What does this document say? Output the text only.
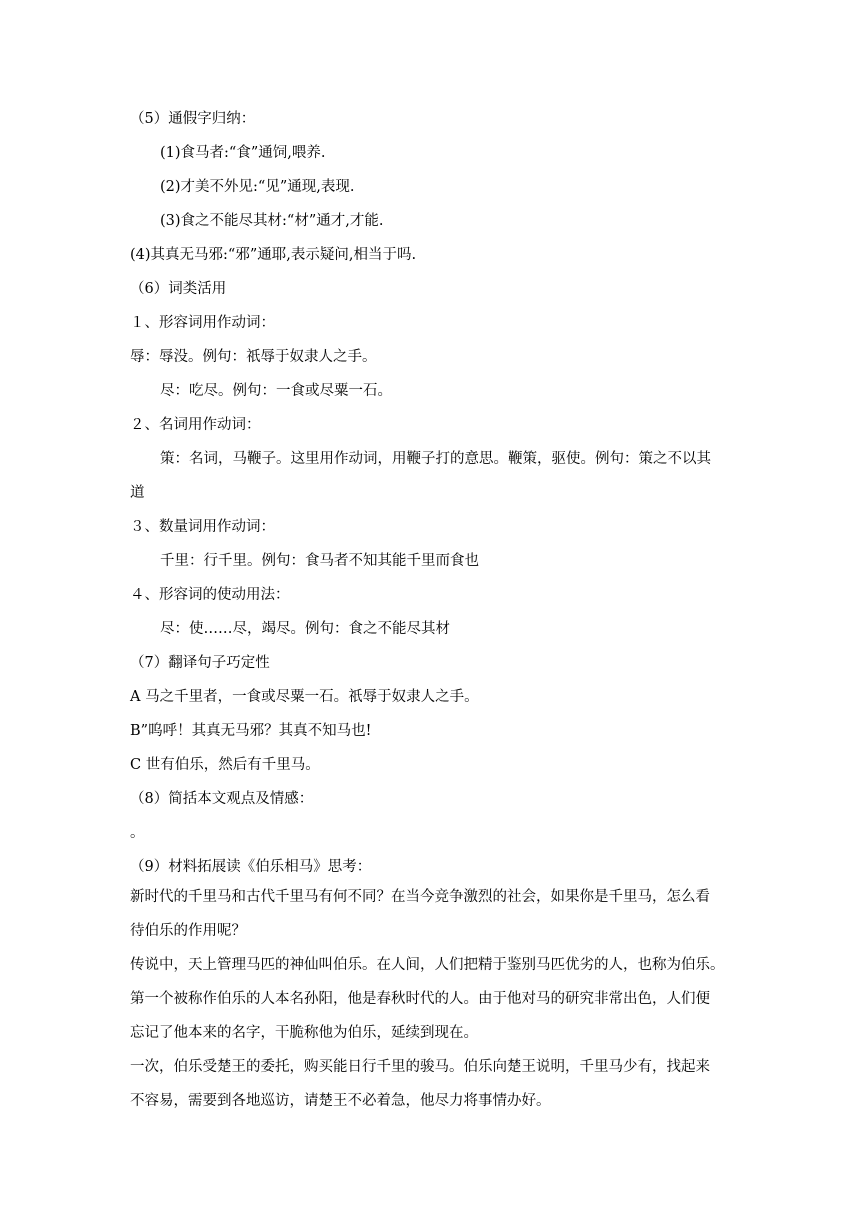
（5）通假字归纳：
(1)食马者:“食”通饲,喂养.
(2)才美不外见:“见”通现,表现.
(3)食之不能尽其材:“材”通才,才能.
(4)其真无马邪:“邪”通耶,表示疑问,相当于吗.
（6）词类活用
１、形容词用作动词：
辱：辱没。例句：祇辱于奴隶人之手。
尽：吃尽。例句：一食或尽粟一石。
２、名词用作动词：
策：名词，马鞭子。这里用作动词，用鞭子打的意思。鞭策，驱使。例句：策之不以其
道
３、数量词用作动词：
千里：行千里。例句：食马者不知其能千里而食也
４、形容词的使动用法：
尽：使……尽，竭尽。例句：食之不能尽其材
（7）翻译句子巧定性
A 马之千里者，一食或尽粟一石。祇辱于奴隶人之手。
B”呜呼！其真无马邪？其真不知马也!
C 世有伯乐，然后有千里马。
（8）简括本文观点及情感：
。
（9）材料拓展读《伯乐相马》思考：
新时代的千里马和古代千里马有何不同？在当今竞争激烈的社会，如果你是千里马，怎么看
待伯乐的作用呢？
传说中，天上管理马匹的神仙叫伯乐。在人间，人们把精于鉴别马匹优劣的人，也称为伯乐。
第一个被称作伯乐的人本名孙阳，他是春秋时代的人。由于他对马的研究非常出色，人们便
忘记了他本来的名字，干脆称他为伯乐，延续到现在。
一次，伯乐受楚王的委托，购买能日行千里的骏马。伯乐向楚王说明，千里马少有，找起来
不容易，需要到各地巡访，请楚王不必着急，他尽力将事情办好。
